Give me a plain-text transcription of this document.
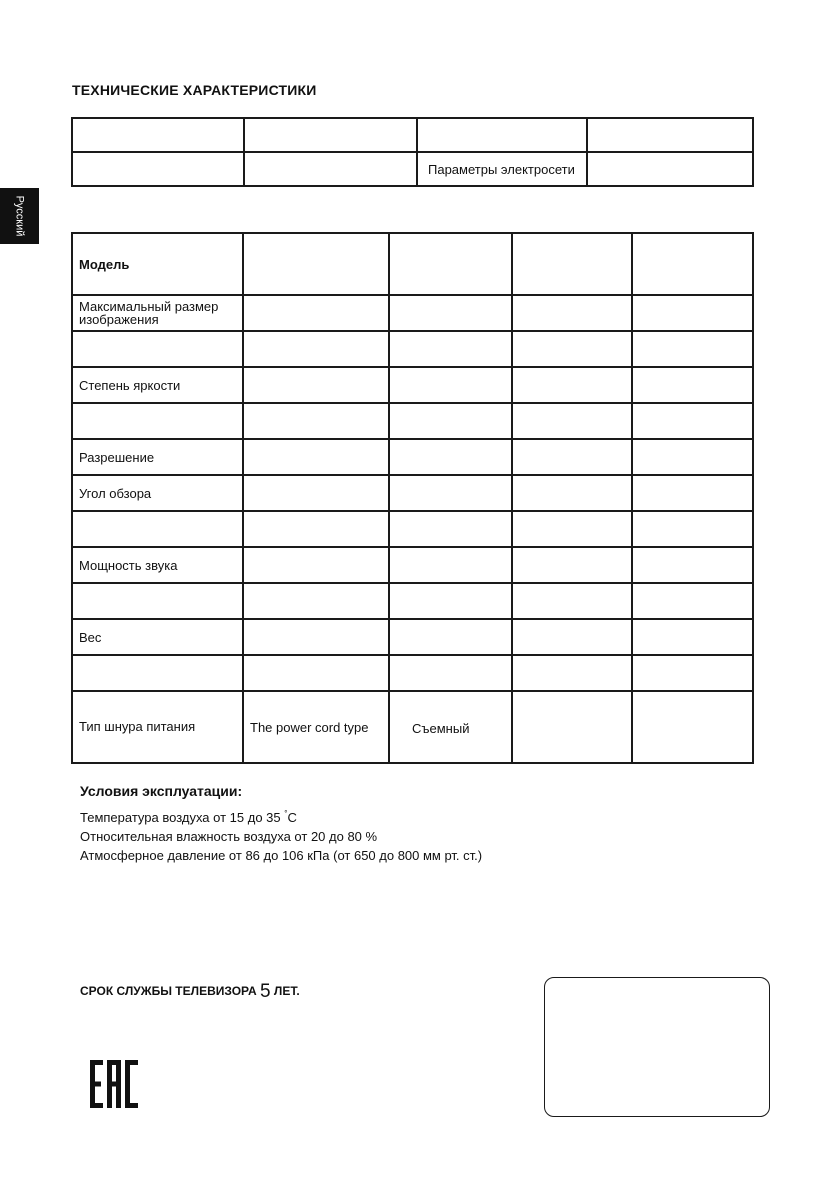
Русский
ТЕХНИЧЕСКИЕ ХАРАКТЕРИСТИКИ

		Параметры электросети	
Модель				
Максимальный размер изображения				

Степень яркости				

Разрешение				
Угол обзора				

Мощность звука				

Вес				

Тип шнура питания	The power cord type	Съемный		
Условия эксплуатации:
Температура воздуха от 15 до 35 °C
Относительная влажность воздуха от 20 до 80 %
Атмосферное давление от 86 до 106 кПа (от 650 до 800 мм рт. ст.)
СРОК СЛУЖБЫ ТЕЛЕВИЗОРА 5 ЛЕТ.
